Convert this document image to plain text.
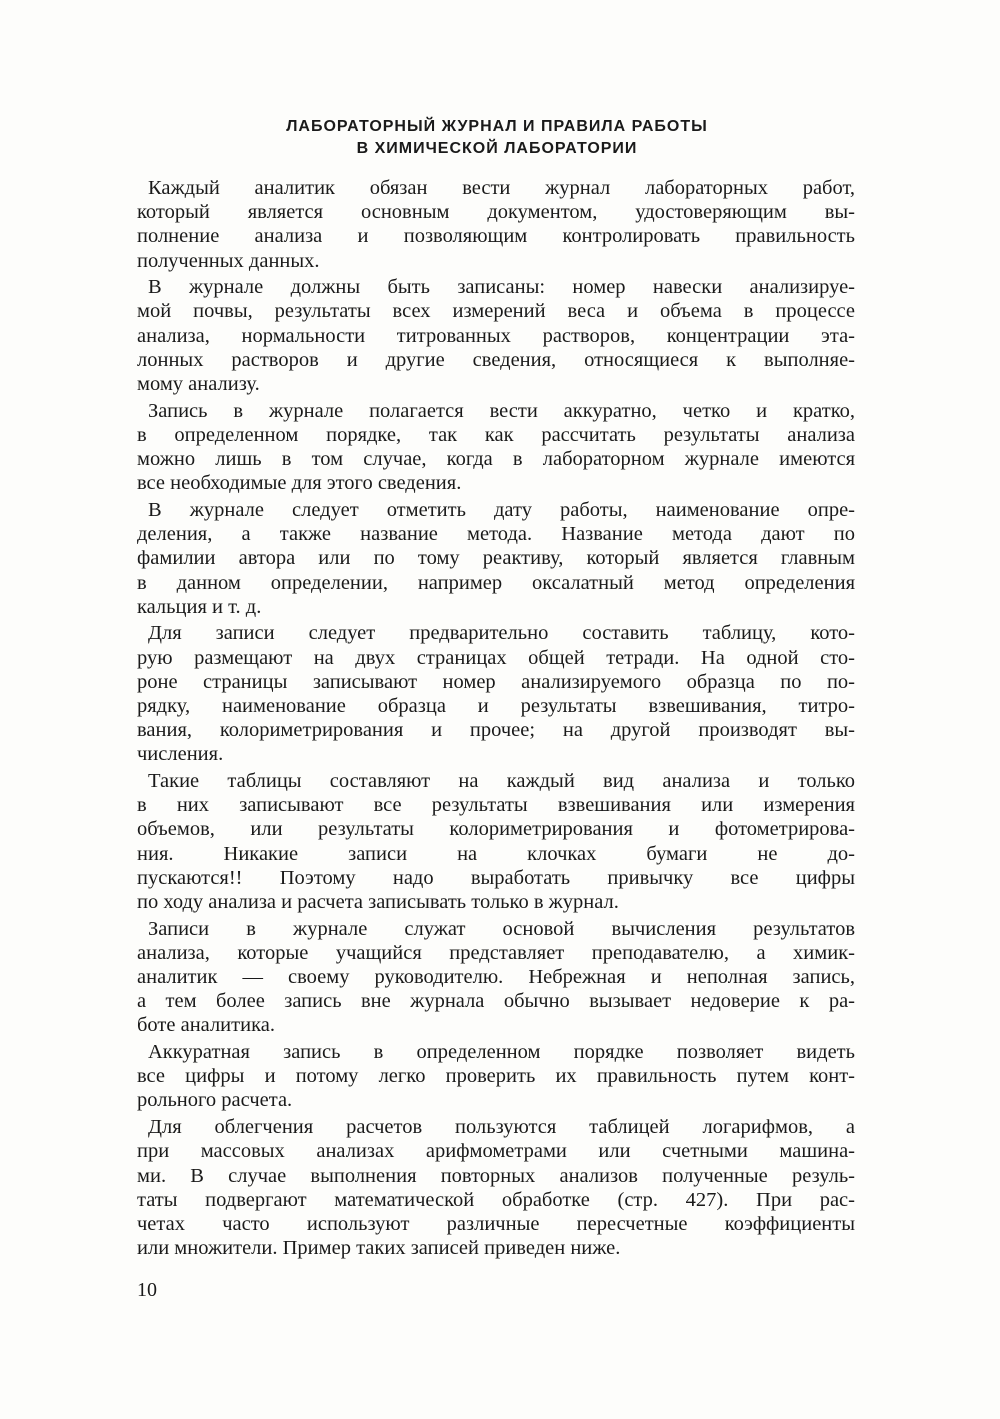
ЛАБОРАТОРНЫЙ ЖУРНАЛ И ПРАВИЛА РАБОТЫ
В ХИМИЧЕСКОЙ ЛАБОРАТОРИИ
Каждый аналитик обязан вести журнал лабораторных работ,
который является основным документом, удостоверяющим вы-
полнение анализа и позволяющим контролировать правильность
полученных данных.
В журнале должны быть записаны: номер навески анализируе-
мой почвы, результаты всех измерений веса и объема в процессе
анализа, нормальности титрованных растворов, концентрации эта-
лонных растворов и другие сведения, относящиеся к выполняе-
мому анализу.
Запись в журнале полагается вести аккуратно, четко и кратко,
в определенном порядке, так как рассчитать результаты анализа
можно лишь в том случае, когда в лабораторном журнале имеются
все необходимые для этого сведения.
В журнале следует отметить дату работы, наименование опре-
деления, а также название метода. Название метода дают по
фамилии автора или по тому реактиву, который является главным
в данном определении, например оксалатный метод определения
кальция и т. д.
Для записи следует предварительно составить таблицу, кото-
рую размещают на двух страницах общей тетради. На одной сто-
роне страницы записывают номер анализируемого образца по по-
рядку, наименование образца и результаты взвешивания, титро-
вания, колориметрирования и прочее; на другой производят вы-
числения.
Такие таблицы составляют на каждый вид анализа и только
в них записывают все результаты взвешивания или измерения
объемов, или результаты колориметрирования и фотометрирова-
ния. Никакие записи на клочках бумаги не до-
пускаются!! Поэтому надо выработать привычку все цифры
по ходу анализа и расчета записывать только в журнал.
Записи в журнале служат основой вычисления результатов
анализа, которые учащийся представляет преподавателю, а химик-
аналитик — своему руководителю. Небрежная и неполная запись,
а тем более запись вне журнала обычно вызывает недоверие к ра-
боте аналитика.
Аккуратная запись в определенном порядке позволяет видеть
все цифры и потому легко проверить их правильность путем конт-
рольного расчета.
Для облегчения расчетов пользуются таблицей логарифмов, а
при массовых анализах арифмометрами или счетными машина-
ми. В случае выполнения повторных анализов полученные резуль-
таты подвергают математической обработке (стр. 427). При рас-
четах часто используют различные пересчетные коэффициенты
или множители. Пример таких записей приведен ниже.
10
